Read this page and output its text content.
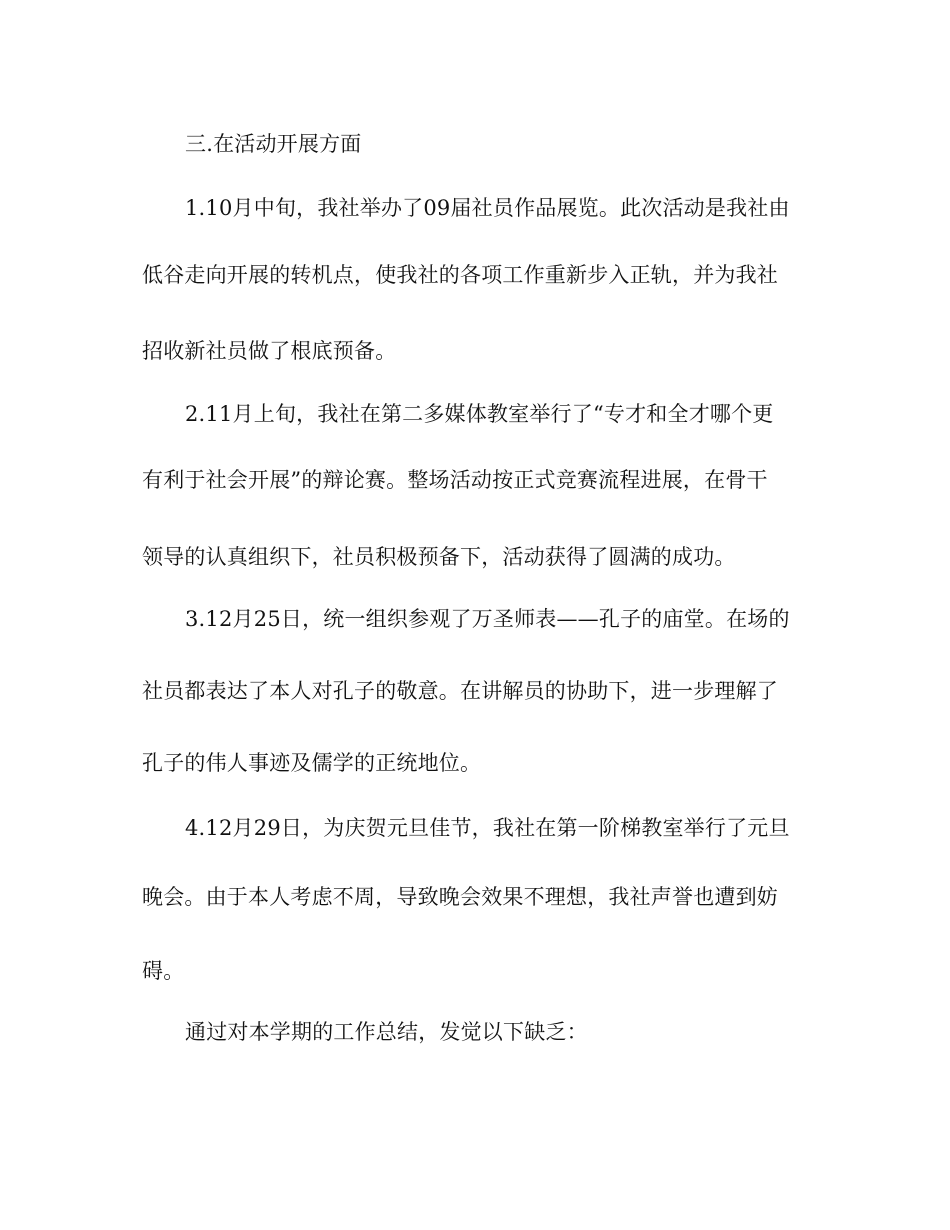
三.在活动开展方面
1.10月中旬，我社举办了09届社员作品展览。此次活动是我社由
低谷走向开展的转机点，使我社的各项工作重新步入正轨，并为我社
招收新社员做了根底预备。
2.11月上旬，我社在第二多媒体教室举行了“专才和全才哪个更
有利于社会开展”的辩论赛。整场活动按正式竞赛流程进展，在骨干
领导的认真组织下，社员积极预备下，活动获得了圆满的成功。
3.12月25日，统一组织参观了万圣师表——孔子的庙堂。在场的
社员都表达了本人对孔子的敬意。在讲解员的协助下，进一步理解了
孔子的伟人事迹及儒学的正统地位。
4.12月29日，为庆贺元旦佳节，我社在第一阶梯教室举行了元旦
晚会。由于本人考虑不周，导致晚会效果不理想，我社声誉也遭到妨
碍。
通过对本学期的工作总结，发觉以下缺乏：
